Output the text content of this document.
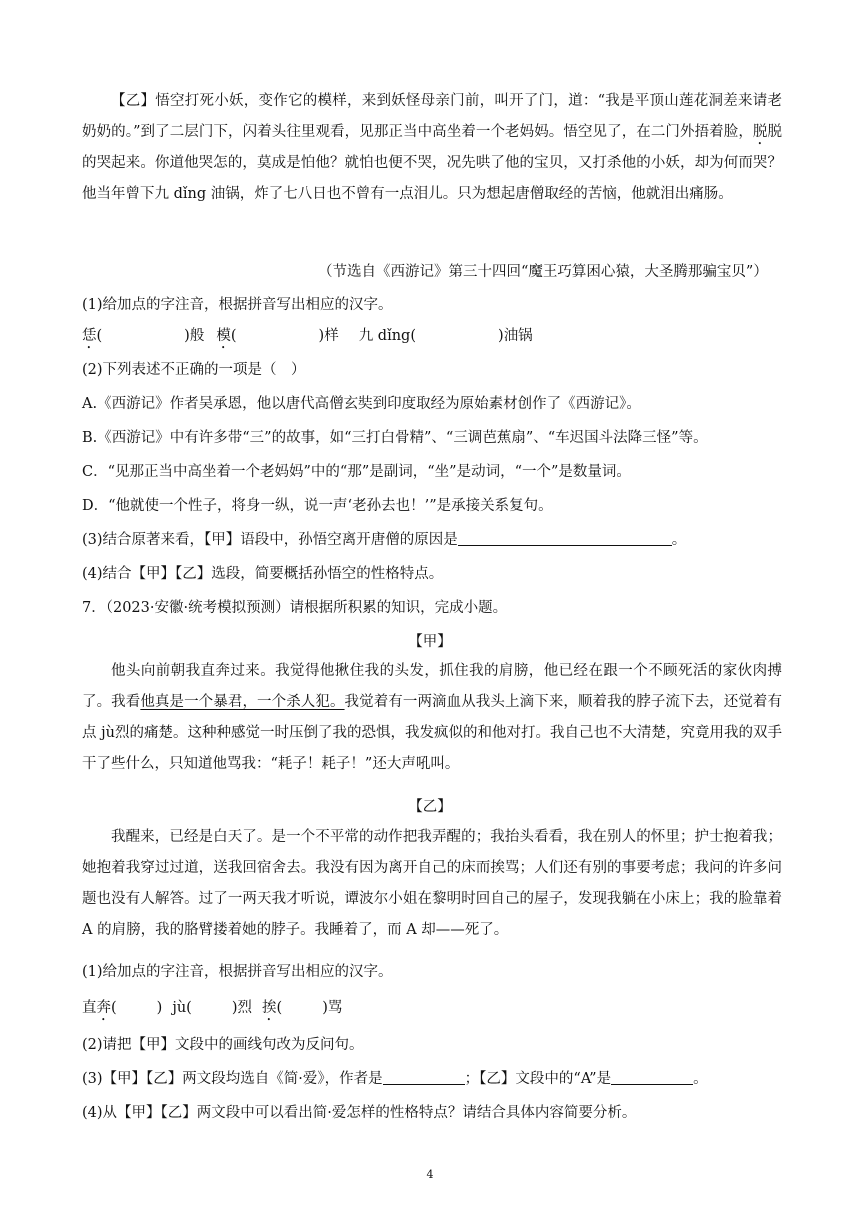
【乙】悟空打死小妖，变作它的模样，来到妖怪母亲门前，叫开了门，道：“我是平顶山莲花洞差来请老奶奶的。”到了二层门下，闪着头往里观看，见那正当中高坐着一个老妈妈。悟空见了，在二门外捂着脸，脱脱的哭起来。你道他哭怎的，莫成是怕他？就怕也便不哭，况先哄了他的宝贝，又打杀他的小妖，却为何而哭？他当年曾下九 dǐng 油锅，炸了七八日也不曾有一点泪儿。只为想起唐僧取经的苦恼，他就泪出痛肠。

（节选自《西游记》第三十四回“魔王巧算困心猿，大圣腾那骗宝贝”）
(1)给加点的字注音，根据拼音写出相应的汉字。
恁(	)般 模(	)样 九 dǐng(	)油锅
(2)下列表述不正确的一项是（　）
A.《西游记》作者吴承恩，他以唐代高僧玄奘到印度取经为原始素材创作了《西游记》。
B.《西游记》中有许多带“三”的故事，如“三打白骨精”、“三调芭蕉扇”、“车迟国斗法降三怪”等。
C．“见那正当中高坐着一个老妈妈”中的“那”是副词，“坐”是动词，“一个”是数量词。
D．“他就使一个性子，将身一纵，说一声‘老孙去也！’”是承接关系复句。
(3)结合原著来看，【甲】语段中，孙悟空离开唐僧的原因是	。
(4)结合【甲】【乙】选段，简要概括孙悟空的性格特点。
7．（2023·安徽·统考模拟预测）请根据所积累的知识，完成小题。
【甲】

他头向前朝我直奔过来。我觉得他揪住我的头发，抓住我的肩膀，他已经在跟一个不顾死活的家伙肉搏了。我看他真是一个暴君，一个杀人犯。我觉着有一两滴血从我头上滴下来，顺着我的脖子流下去，还觉着有点 jù烈的痛楚。这种种感觉一时压倒了我的恐惧，我发疯似的和他对打。我自己也不大清楚，究竟用我的双手干了些什么，只知道他骂我：“耗子！耗子！”还大声吼叫。

【乙】

我醒来，已经是白天了。是一个不平常的动作把我弄醒的；我抬头看看，我在别人的怀里；护士抱着我；她抱着我穿过过道，送我回宿舍去。我没有因为离开自己的床而挨骂；人们还有别的事要考虑；我问的许多问题也没有人解答。过了一两天我才听说，谭波尔小姐在黎明时回自己的屋子，发现我躺在小床上；我的脸靠着 A 的肩膀，我的胳臂搂着她的脖子。我睡着了，而 A 却——死了。

(1)给加点的字注音，根据拼音写出相应的汉字。
直奔(	) jù(	)烈 挨(	)骂
(2)请把【甲】文段中的画线句改为反问句。
(3)【甲】【乙】两文段均选自《简·爱》，作者是	；【乙】文段中的“A”是	。
(4)从【甲】【乙】两文段中可以看出简·爱怎样的性格特点？请结合具体内容简要分析。
4
